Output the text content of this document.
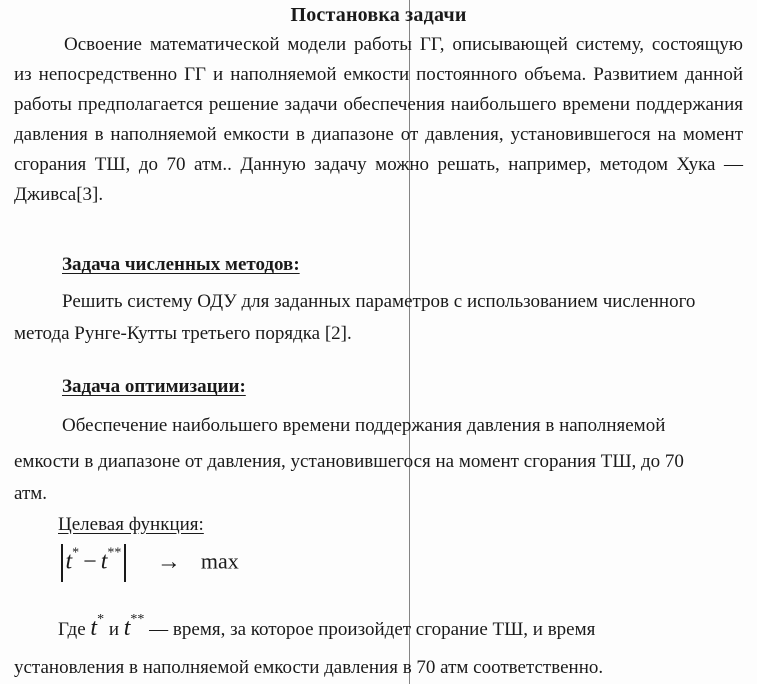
Постановка задачи
Освоение математической модели работы ГГ, описывающей систему, состоящую из непосредственно ГГ и наполняемой емкости постоянного объема. Развитием данной работы предполагается решение задачи обеспечения наибольшего времени поддержания давления в наполняемой емкости в диапазоне от давления, установившегося на момент сгорания ТШ, до 70 атм.. Данную задачу можно решать, например, методом Хука — Дживса[3].
Задача численных методов:
Решить систему ОДУ для заданных параметров с использованием численного
метода Рунге-Кутты третьего порядка [2].
Задача оптимизации:
Обеспечение наибольшего времени поддержания давления в наполняемой
емкости в диапазоне от давления, установившегося на момент сгорания ТШ, до 70
атм.
Целевая функция:
t* − t** → max
Где t* и t** — время, за которое произойдет сгорание ТШ, и время
установления в наполняемой емкости давления в 70 атм соответственно.
